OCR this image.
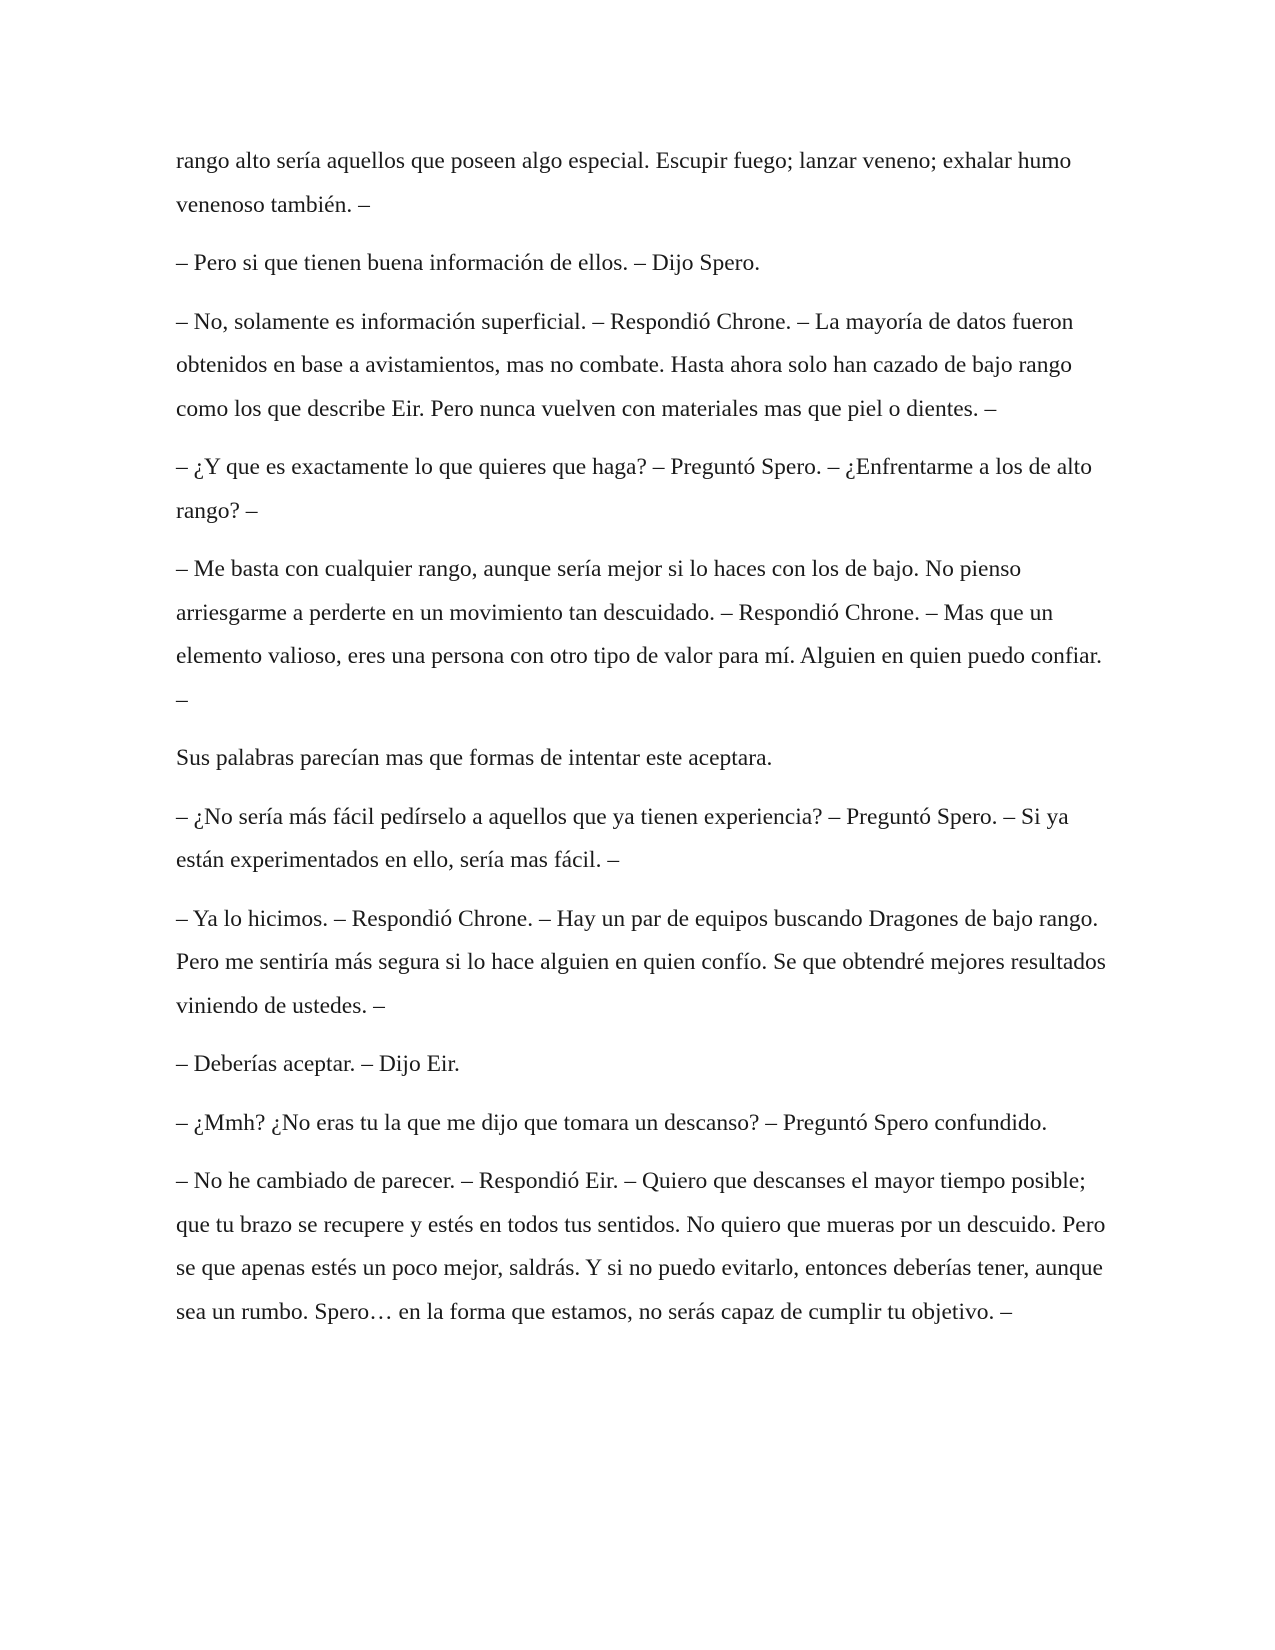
rango alto sería aquellos que poseen algo especial. Escupir fuego; lanzar veneno; exhalar humo venenoso también. –

– Pero si que tienen buena información de ellos. – Dijo Spero.

– No, solamente es información superficial. – Respondió Chrone. – La mayoría de datos fueron obtenidos en base a avistamientos, mas no combate. Hasta ahora solo han cazado de bajo rango como los que describe Eir. Pero nunca vuelven con materiales mas que piel o dientes. –

– ¿Y que es exactamente lo que quieres que haga? – Preguntó Spero. – ¿Enfrentarme a los de alto rango? –

– Me basta con cualquier rango, aunque sería mejor si lo haces con los de bajo. No pienso arriesgarme a perderte en un movimiento tan descuidado. – Respondió Chrone. – Mas que un elemento valioso, eres una persona con otro tipo de valor para mí. Alguien en quien puedo confiar. –

Sus palabras parecían mas que formas de intentar este aceptara.

– ¿No sería más fácil pedírselo a aquellos que ya tienen experiencia? – Preguntó Spero. – Si ya están experimentados en ello, sería mas fácil. –

– Ya lo hicimos. – Respondió Chrone. – Hay un par de equipos buscando Dragones de bajo rango. Pero me sentiría más segura si lo hace alguien en quien confío. Se que obtendré mejores resultados viniendo de ustedes. –

– Deberías aceptar. – Dijo Eir.

– ¿Mmh? ¿No eras tu la que me dijo que tomara un descanso? – Preguntó Spero confundido.

– No he cambiado de parecer. – Respondió Eir. – Quiero que descanses el mayor tiempo posible; que tu brazo se recupere y estés en todos tus sentidos. No quiero que mueras por un descuido. Pero se que apenas estés un poco mejor, saldrás. Y si no puedo evitarlo, entonces deberías tener, aunque sea un rumbo. Spero… en la forma que estamos, no serás capaz de cumplir tu objetivo. –
